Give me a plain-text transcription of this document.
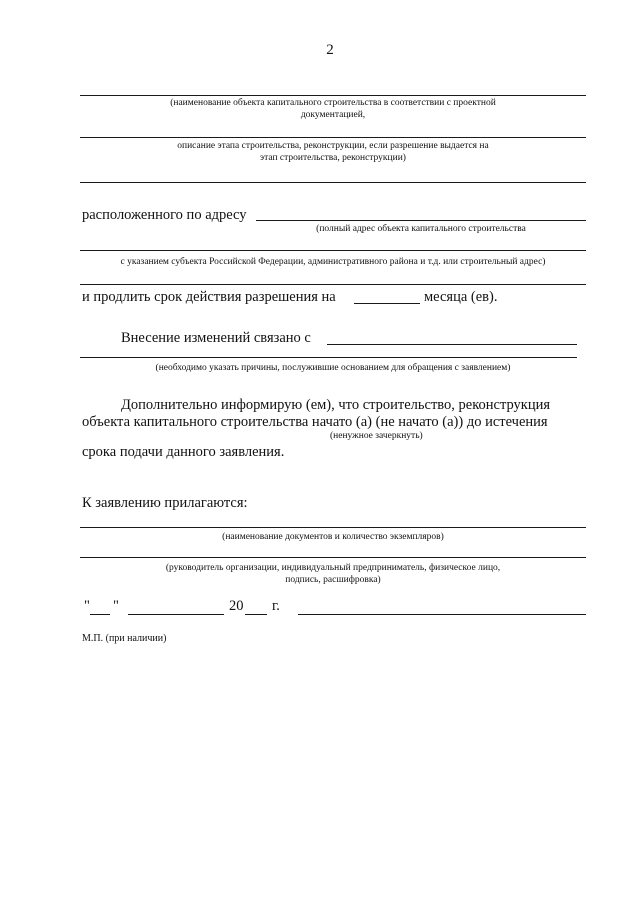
2
(наименование объекта капитального строительства в соответствии с проектной
документацией,
описание этапа строительства, реконструкции, если разрешение выдается на
этап строительства, реконструкции)
расположенного по адресу
(полный адрес объекта капитального строительства
с указанием субъекта Российской Федерации, административного района и т.д. или строительный адрес)
и продлить срок действия разрешения на	месяца (ев).
Внесение изменений связано с
(необходимо указать причины, послужившие основанием для обращения с заявлением)
Дополнительно информирую (ем), что строительство, реконструкция
объекта капитального строительства начато (а) (не начато (а)) до истечения
(ненужное зачеркнуть)
срока подачи данного заявления.
К заявлению прилагаются:
(наименование документов и количество экземпляров)
(руководитель организации, индивидуальный предприниматель, физическое лицо,
подпись, расшифровка)
" "	20 г.
М.П. (при наличии)
